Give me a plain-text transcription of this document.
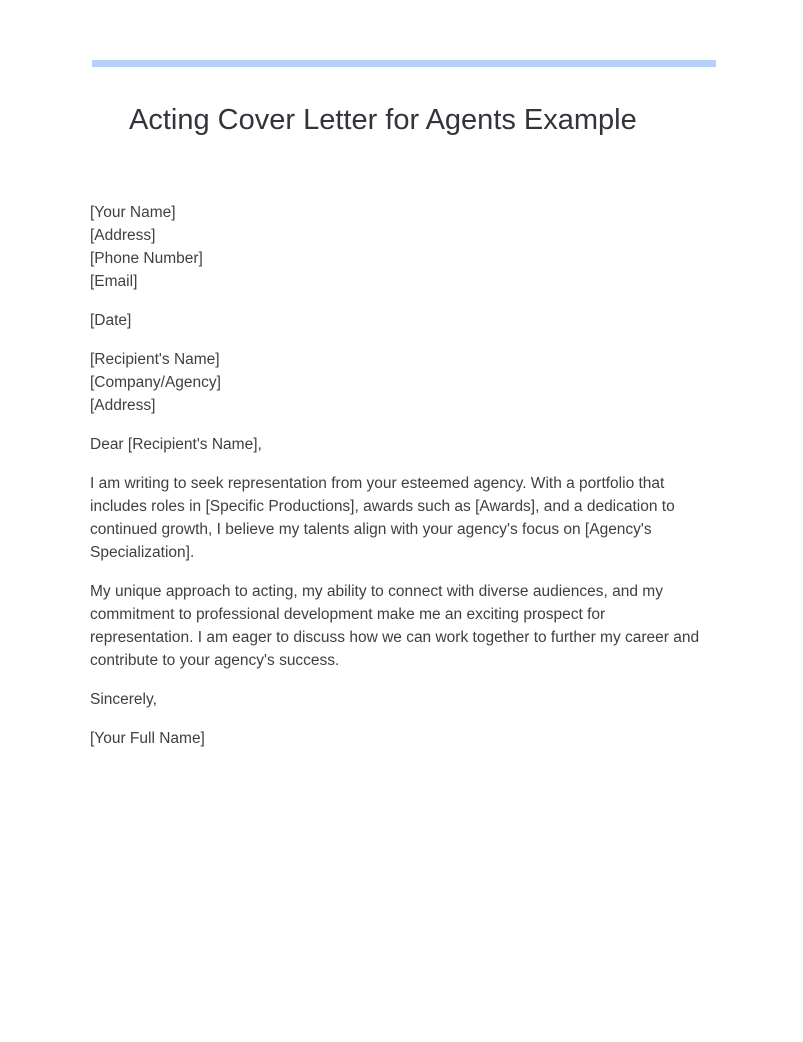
Acting Cover Letter for Agents Example
[Your Name]
[Address]
[Phone Number]
[Email]
[Date]
[Recipient's Name]
[Company/Agency]
[Address]

Dear [Recipient's Name],

I am writing to seek representation from your esteemed agency. With a portfolio that includes roles in [Specific Productions], awards such as [Awards], and a dedication to continued growth, I believe my talents align with your agency's focus on [Agency's Specialization].

My unique approach to acting, my ability to connect with diverse audiences, and my commitment to professional development make me an exciting prospect for representation. I am eager to discuss how we can work together to further my career and contribute to your agency's success.

Sincerely,

[Your Full Name]
